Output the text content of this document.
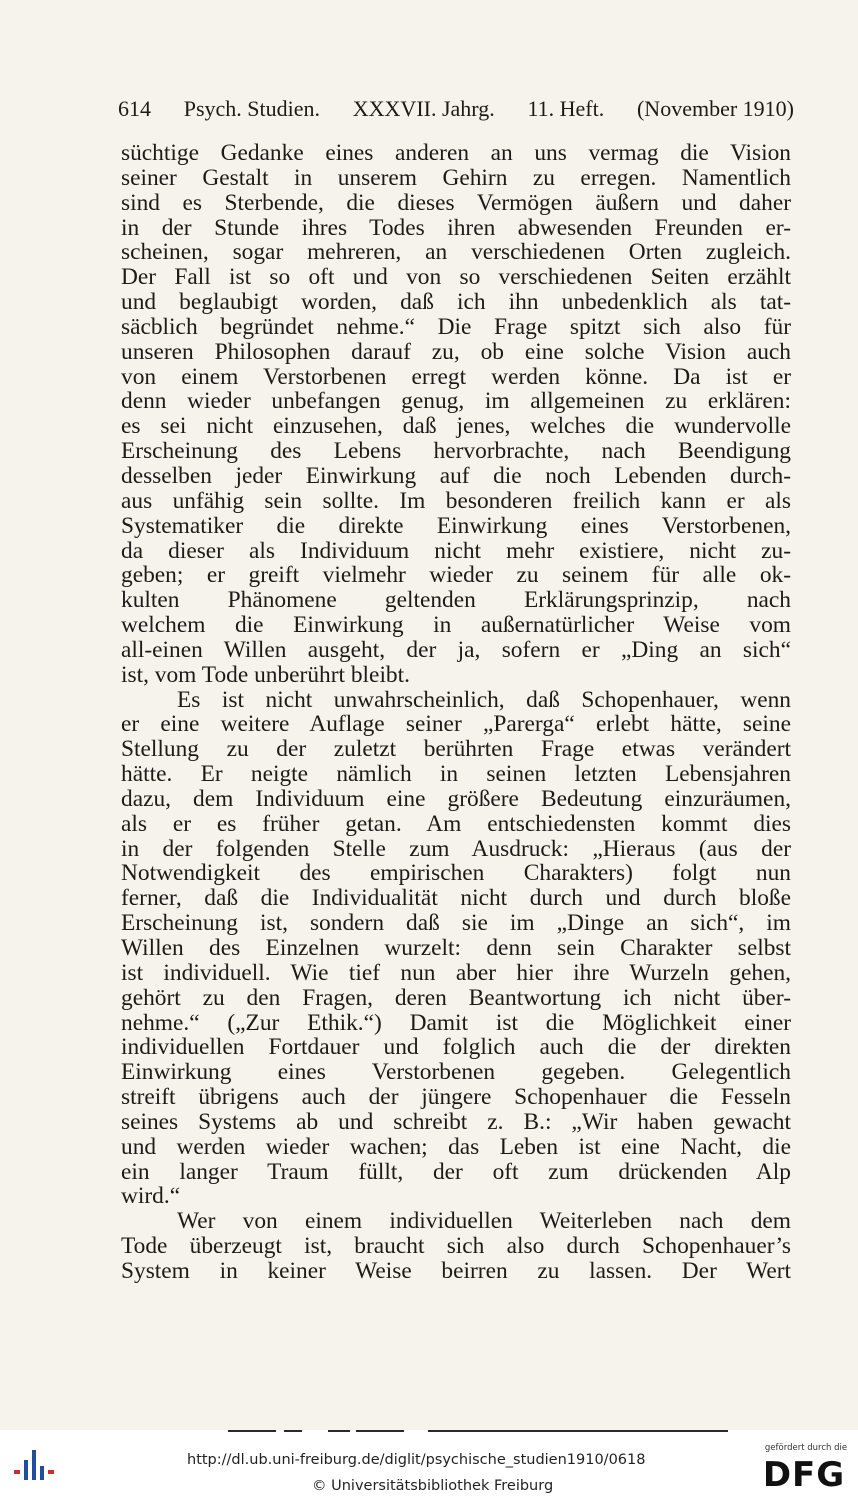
614 Psych. Studien. XXXVII. Jahrg. 11. Heft. (November 1910)
süchtige Gedanke eines anderen an uns vermag die Vision
seiner Gestalt in unserem Gehirn zu erregen. Namentlich
sind es Sterbende, die dieses Vermögen äußern und daher
in der Stunde ihres Todes ihren abwesenden Freunden er-
scheinen, sogar mehreren, an verschiedenen Orten zugleich.
Der Fall ist so oft und von so verschiedenen Seiten erzählt
und beglaubigt worden, daß ich ihn unbedenklich als tat-
säcblich begründet nehme.“ Die Frage spitzt sich also für
unseren Philosophen darauf zu, ob eine solche Vision auch
von einem Verstorbenen erregt werden könne. Da ist er
denn wieder unbefangen genug, im allgemeinen zu erklären:
es sei nicht einzusehen, daß jenes, welches die wundervolle
Erscheinung des Lebens hervorbrachte, nach Beendigung
desselben jeder Einwirkung auf die noch Lebenden durch-
aus unfähig sein sollte. Im besonderen freilich kann er als
Systematiker die direkte Einwirkung eines Verstorbenen,
da dieser als Individuum nicht mehr existiere, nicht zu-
geben; er greift vielmehr wieder zu seinem für alle ok-
kulten Phänomene geltenden Erklärungsprinzip, nach
welchem die Einwirkung in außernatürlicher Weise vom
all-einen Willen ausgeht, der ja, sofern er „Ding an sich“
ist, vom Tode unberührt bleibt.
Es ist nicht unwahrscheinlich, daß Schopenhauer, wenn
er eine weitere Auflage seiner „Parerga“ erlebt hätte, seine
Stellung zu der zuletzt berührten Frage etwas verändert
hätte. Er neigte nämlich in seinen letzten Lebensjahren
dazu, dem Individuum eine größere Bedeutung einzuräumen,
als er es früher getan. Am entschiedensten kommt dies
in der folgenden Stelle zum Ausdruck: „Hieraus (aus der
Notwendigkeit des empirischen Charakters) folgt nun
ferner, daß die Individualität nicht durch und durch bloße
Erscheinung ist, sondern daß sie im „Dinge an sich“, im
Willen des Einzelnen wurzelt: denn sein Charakter selbst
ist individuell. Wie tief nun aber hier ihre Wurzeln gehen,
gehört zu den Fragen, deren Beantwortung ich nicht über-
nehme.“ („Zur Ethik.“) Damit ist die Möglichkeit einer
individuellen Fortdauer und folglich auch die der direkten
Einwirkung eines Verstorbenen gegeben. Gelegentlich
streift übrigens auch der jüngere Schopenhauer die Fesseln
seines Systems ab und schreibt z. B.: „Wir haben gewacht
und werden wieder wachen; das Leben ist eine Nacht, die
ein langer Traum füllt, der oft zum drückenden Alp
wird.“
Wer von einem individuellen Weiterleben nach dem
Tode überzeugt ist, braucht sich also durch Schopenhauer’s
System in keiner Weise beirren zu lassen. Der Wert
http://dl.ub.uni-freiburg.de/diglit/psychische_studien1910/0618
© Universitätsbibliothek Freiburg
gefördert durch die
DFG
